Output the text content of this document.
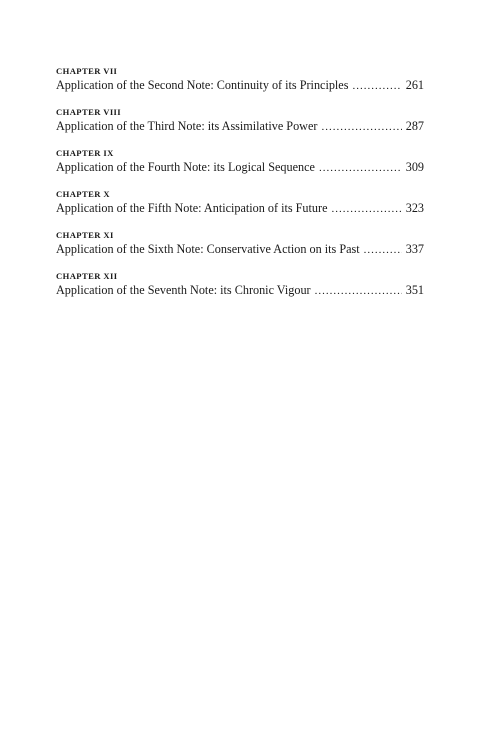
CHAPTER VII
Application of the Second Note: Continuity of its Principles .....	261
CHAPTER VIII
Application of the Third Note: its Assimilative Power .....	287
CHAPTER IX
Application of the Fourth Note: its Logical Sequence .....	309
CHAPTER X
Application of the Fifth Note: Anticipation of its Future .....	323
CHAPTER XI
Application of the Sixth Note: Conservative Action on its Past .....	337
CHAPTER XII
Application of the Seventh Note: its Chronic Vigour .....	351
